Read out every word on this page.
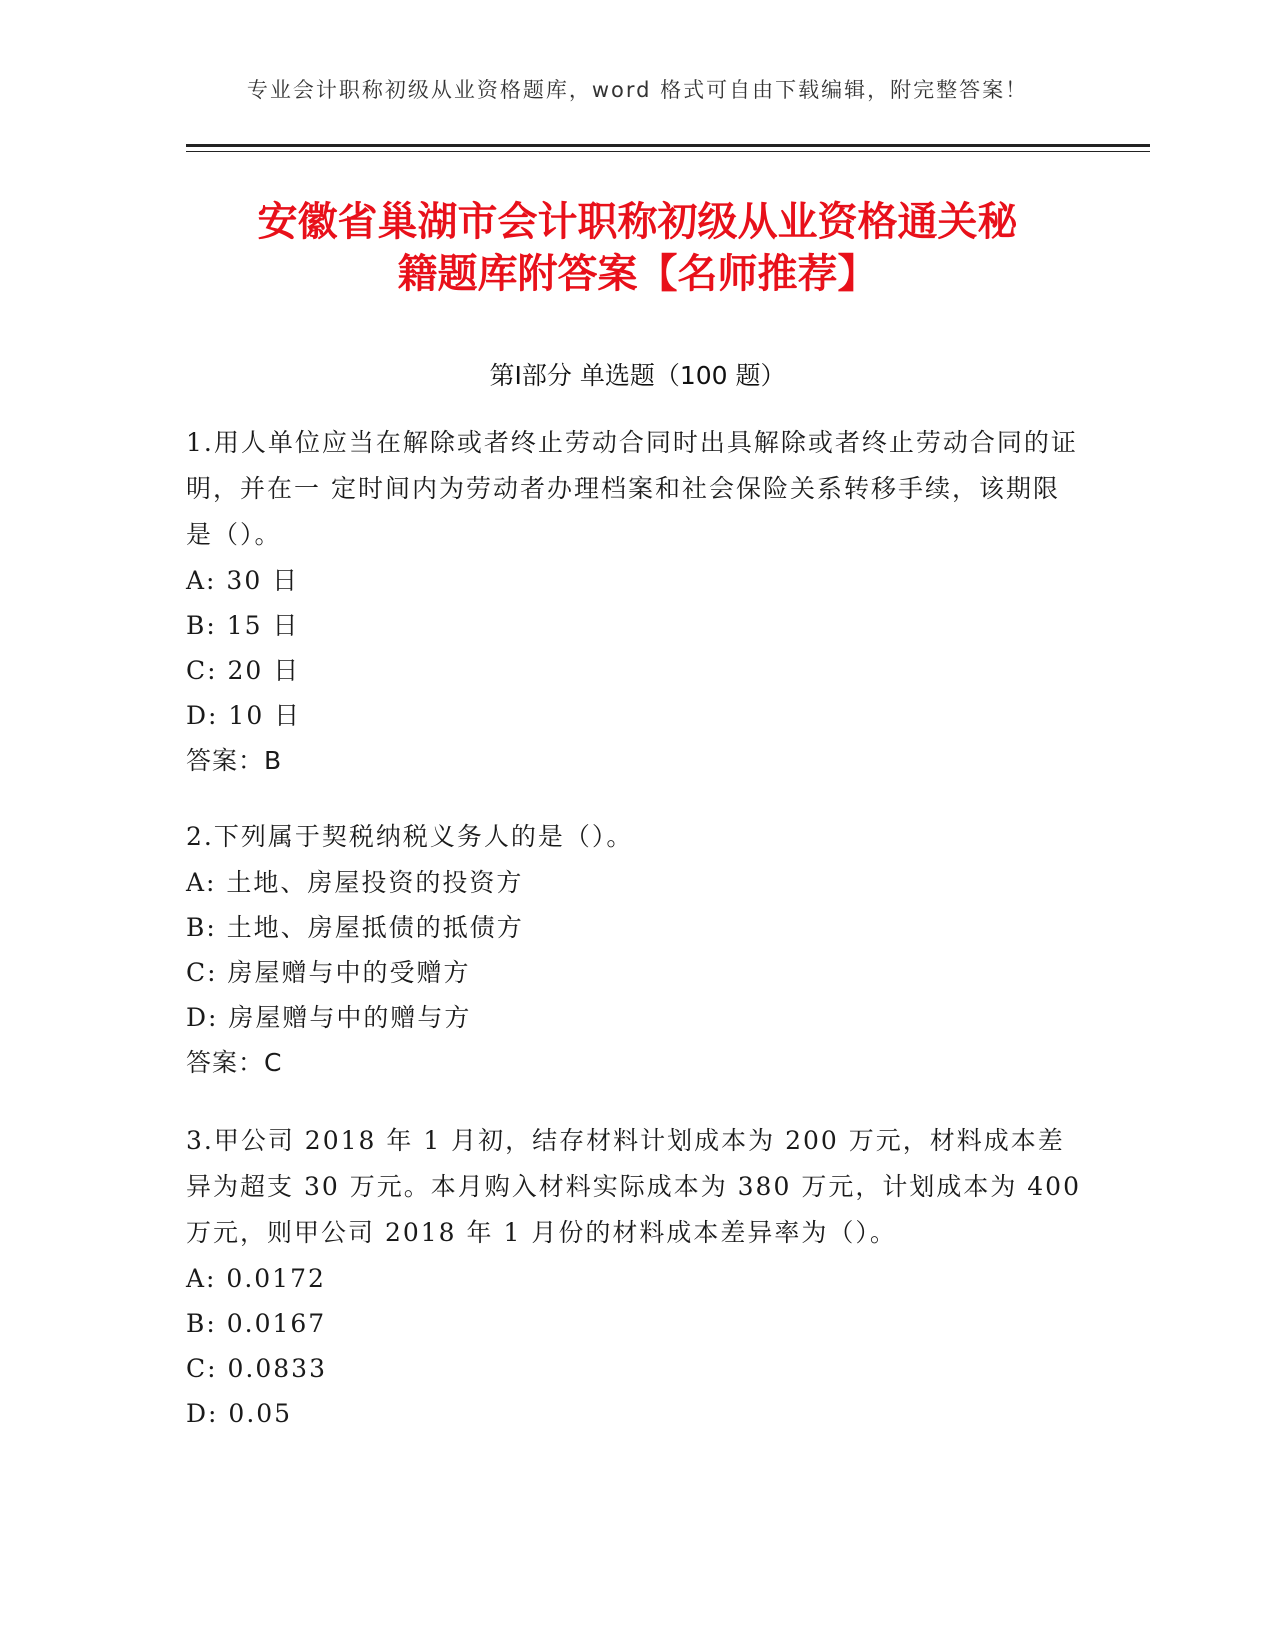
专业会计职称初级从业资格题库，word 格式可自由下载编辑，附完整答案！
安徽省巢湖市会计职称初级从业资格通关秘
籍题库附答案【名师推荐】
第Ⅰ部分 单选题（100 题）

1.用人单位应当在解除或者终止劳动合同时出具解除或者终止劳动合同的证明，并在一 定时间内为劳动者办理档案和社会保险关系转移手续，该期限是（）。

A: 30 日

B: 15 日

C: 20 日

D: 10 日

答案：B

2.下列属于契税纳税义务人的是（）。

A: 土地、房屋投资的投资方

B: 土地、房屋抵债的抵债方

C: 房屋赠与中的受赠方

D: 房屋赠与中的赠与方

答案：C

3.甲公司 2018 年 1 月初，结存材料计划成本为 200 万元，材料成本差异为超支 30 万元。本月购入材料实际成本为 380 万元，计划成本为 400 万元，则甲公司 2018 年 1 月份的材料成本差异率为（）。

A: 0.0172

B: 0.0167

C: 0.0833

D: 0.05
